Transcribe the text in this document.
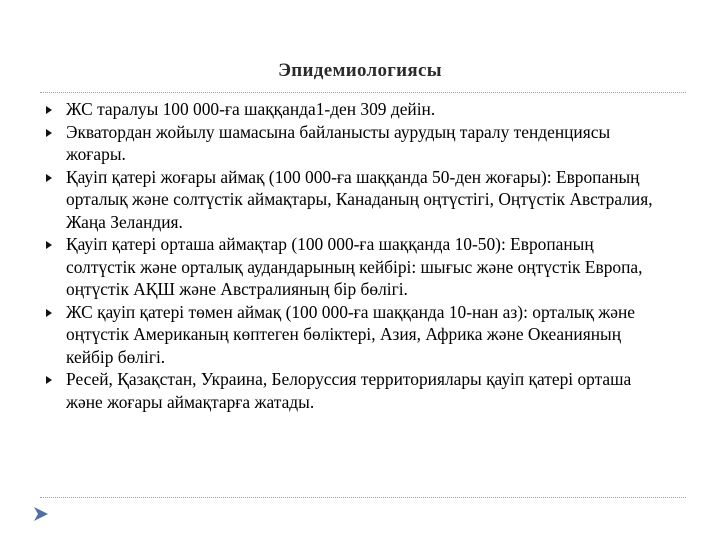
Эпидемиологиясы
ЖС таралуы 100 000-ға шаққанда1-ден 309 дейін.
Экватордан жойылу шамасына байланысты аурудың таралу тенденциясы жоғары.
Қауіп қатері жоғары аймақ (100 000-ға шаққанда 50-ден жоғары): Европаның орталық және солтүстік аймақтары, Канаданың оңтүстігі, Оңтүстік Австралия, Жаңа Зеландия.
Қауіп қатері орташа аймақтар (100 000-ға шаққанда 10-50): Европаның солтүстік және орталық аудандарының кейбірі: шығыс және оңтүстік Европа, оңтүстік АҚШ және Австралияның бір бөлігі.
ЖС қауіп қатері төмен аймақ (100 000-ға шаққанда 10-нан аз): орталық және оңтүстік Американың көптеген бөліктері, Азия, Африка және Океанияның кейбір бөлігі.
Ресей, Қазақстан, Украина, Белоруссия территориялары қауіп қатері орташа және жоғары аймақтарға жатады.
